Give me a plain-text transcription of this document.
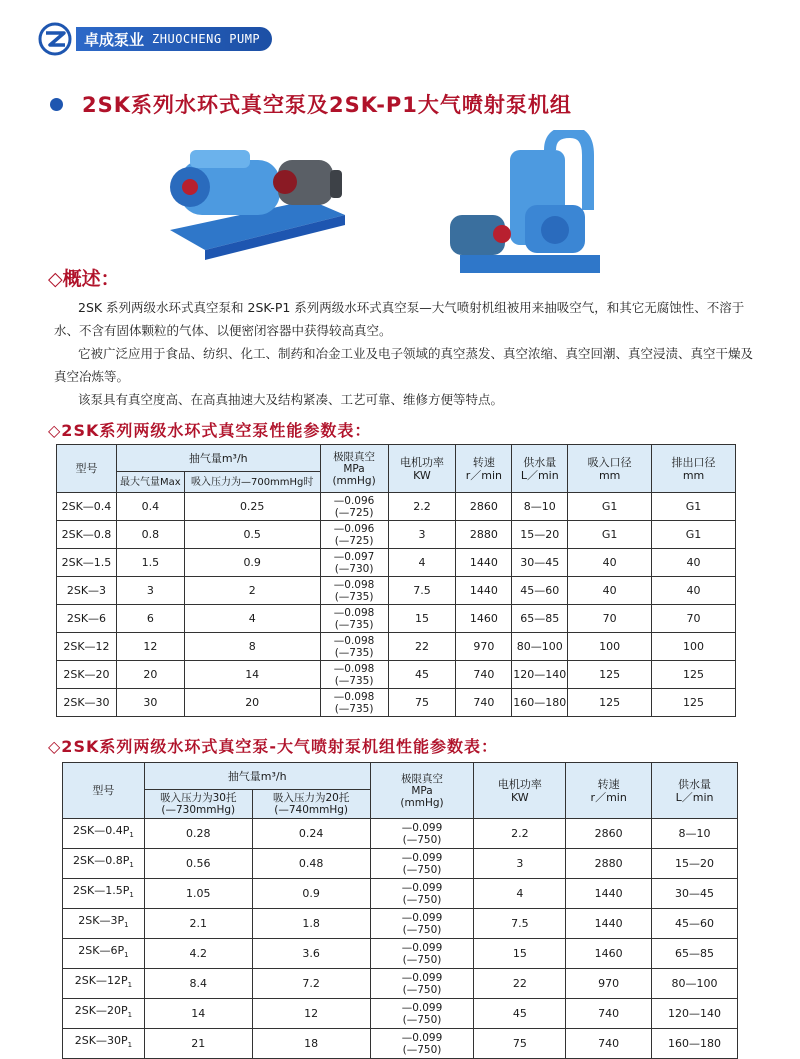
卓成泵业 ZHUOCHENG PUMP
2SK系列水环式真空泵及2SK-P1大气喷射泵机组
◇概述：

2SK 系列两级水环式真空泵和 2SK-P1 系列两级水环式真空泵—大气喷射机组被用来抽吸空气，和其它无腐蚀性、不溶于水、不含有固体颗粒的气体、以便密闭容器中获得较高真空。

它被广泛应用于食品、纺织、化工、制药和冶金工业及电子领域的真空蒸发、真空浓缩、真空回潮、真空浸渍、真空干燥及真空冶炼等。

该泵具有真空度高、在高真抽速大及结构紧凑、工艺可靠、维修方便等特点。

◇2SK系列两级水环式真空泵性能参数表：
型号	抽气量m³/h		极限真空
MPa
(mmHg)	电机功率
KW	转速
r／min	供水量
L／min	吸入口径
mm	排出口径
mm
	最大气量Max	吸入压力为—700mmHg时						
2SK—0.4	0.4	0.25	—0.096
(—725)	2.2	2860	8—10	G1	G1
2SK—0.8	0.8	0.5	—0.096
(—725)	3	2880	15—20	G1	G1
2SK—1.5	1.5	0.9	—0.097
(—730)	4	1440	30—45	40	40
2SK—3	3	2	—0.098
(—735)	7.5	1440	45—60	40	40
2SK—6	6	4	—0.098
(—735)	15	1460	65—85	70	70
2SK—12	12	8	—0.098
(—735)	22	970	80—100	100	100
2SK—20	20	14	—0.098
(—735)	45	740	120—140	125	125
2SK—30	30	20	—0.098
(—735)	75	740	160—180	125	125
◇2SK系列两级水环式真空泵-大气喷射泵机组性能参数表：
型号	抽气量m³/h		极限真空
MPa
(mmHg)	电机功率
KW	转速
r／min	供水量
L／min
	吸入压力为30托
(—730mmHg)	吸入压力为20托
(—740mmHg)				
$2SK—0.4P_1$	0.28	0.24	—0.099
(—750)	2.2	2860	8—10
$2SK—0.8P_1$	0.56	0.48	—0.099
(—750)	3	2880	15—20
$2SK—1.5P_1$	1.05	0.9	—0.099
(—750)	4	1440	30—45
$2SK—3P_1$	2.1	1.8	—0.099
(—750)	7.5	1440	45—60
$2SK—6P_1$	4.2	3.6	—0.099
(—750)	15	1460	65—85
$2SK—12P_1$	8.4	7.2	—0.099
(—750)	22	970	80—100
$2SK—20P_1$	14	12	—0.099
(—750)	45	740	120—140
$2SK—30P_1$	21	18	—0.099
(—750)	75	740	160—180
